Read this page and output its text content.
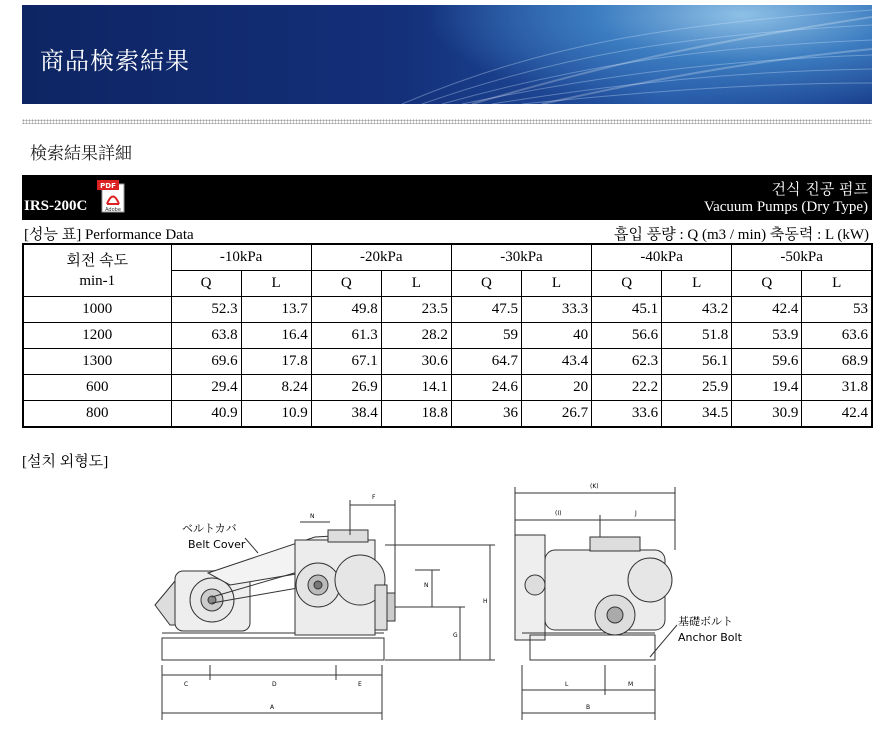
商品検索結果
検索結果詳細
IRS-200C
PDF
Adobe
건식 진공 펌프
Vacuum Pumps (Dry Type)
[성능 표] Performance Data	흡입 풍량 : Q (m3 / min) 축동력 : L (kW)
회전 속도
min-1	-10kPa		-20kPa		-30kPa		-40kPa		-50kPa	
	Q	L	Q	L	Q	L	Q	L	Q	L
1000	52.3	13.7	49.8	23.5	47.5	33.3	45.1	43.2	42.4	53
1200	63.8	16.4	61.3	28.2	59	40	56.6	51.8	53.9	63.6
1300	69.6	17.8	67.1	30.6	64.7	43.4	62.3	56.1	59.6	68.9
600	29.4	8.24	26.9	14.1	24.6	20	22.2	25.9	19.4	31.8
800	40.9	10.9	38.4	18.8	36	26.7	33.6	34.5	30.9	42.4
[설치 외형도]
F
N
N
H
G
C	D	E
A
(K)
(I)	J
L	M
B
ベルトカバ
Belt Cover
基礎ボルト
Anchor Bolt
